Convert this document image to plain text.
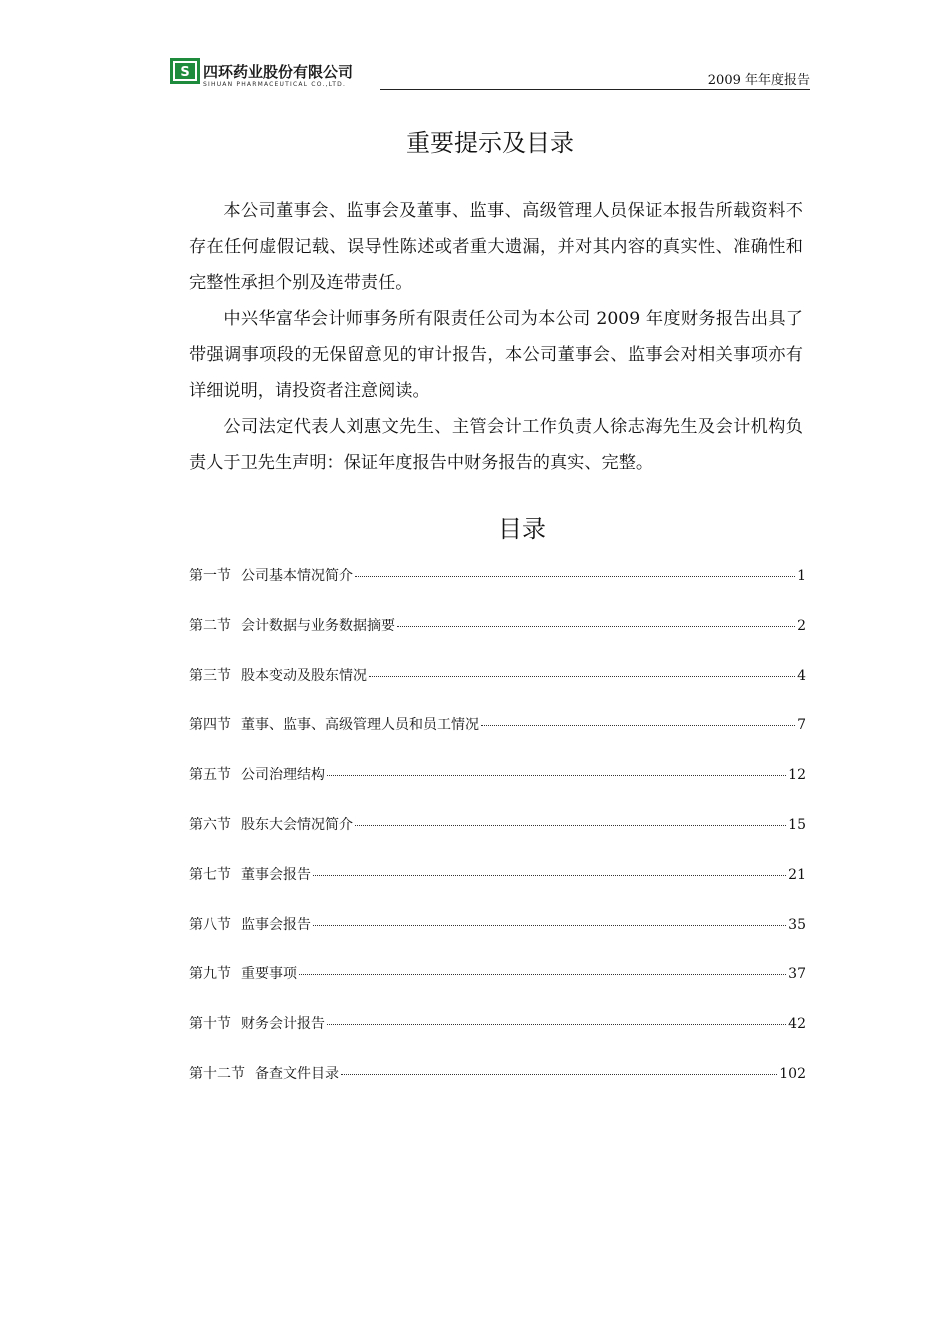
S 四环药业股份有限公司
SIHUAN PHARMACEUTICAL CO.,LTD.	2009 年年度报告
重要提示及目录

本公司董事会、监事会及董事、监事、高级管理人员保证本报告所载资料不存在任何虚假记载、误导性陈述或者重大遗漏，并对其内容的真实性、准确性和完整性承担个别及连带责任。

中兴华富华会计师事务所有限责任公司为本公司 2009 年度财务报告出具了带强调事项段的无保留意见的审计报告，本公司董事会、监事会对相关事项亦有详细说明，请投资者注意阅读。

公司法定代表人刘惠文先生、主管会计工作负责人徐志海先生及会计机构负责人于卫先生声明：保证年度报告中财务报告的真实、完整。

目录
第一节 公司基本情况简介	1
第二节 会计数据与业务数据摘要	2
第三节 股本变动及股东情况	4
第四节 董事、监事、高级管理人员和员工情况	7
第五节 公司治理结构	12
第六节 股东大会情况简介	15
第七节 董事会报告	21
第八节 监事会报告	35
第九节 重要事项	37
第十节 财务会计报告	42
第十二节 备查文件目录	102
